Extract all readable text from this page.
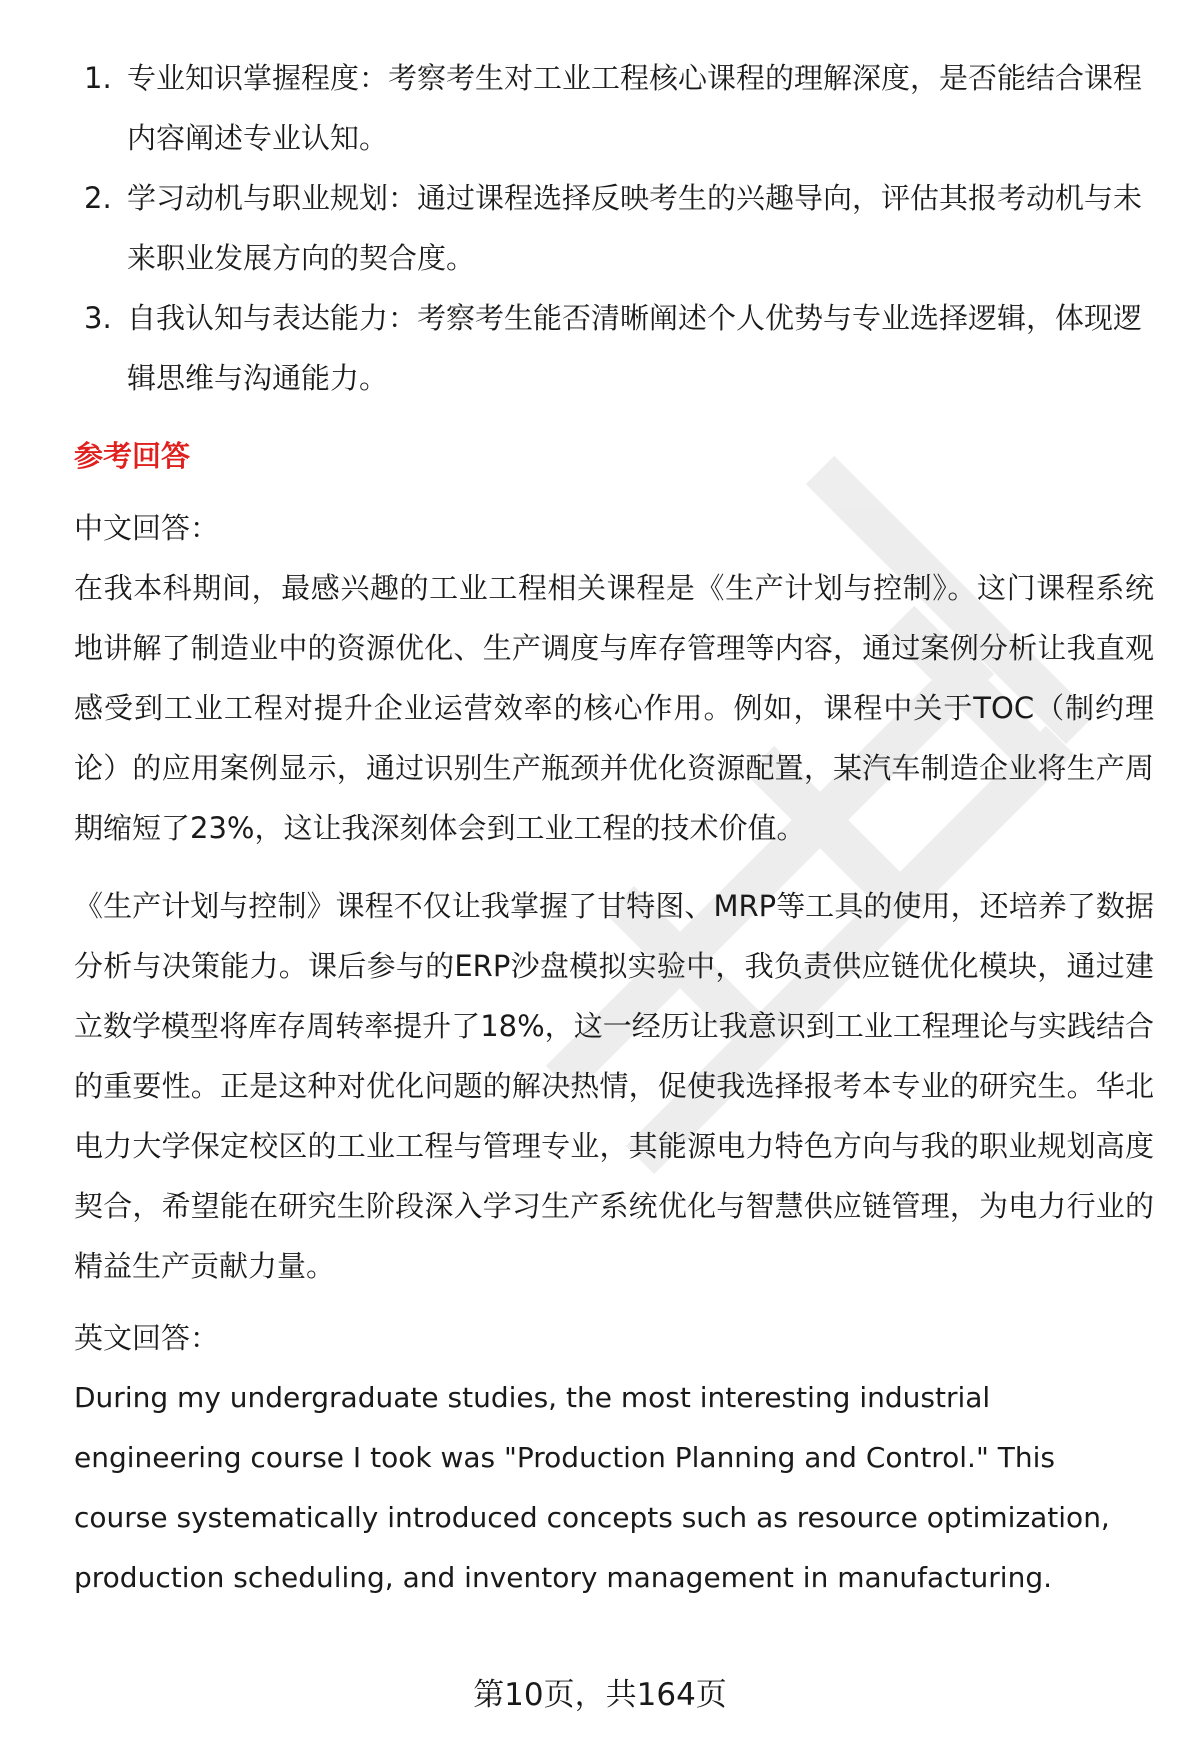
1. 专业知识掌握程度：考察考生对工业工程核心课程的理解深度，是否能结合课程内容阐述专业认知。
2. 学习动机与职业规划：通过课程选择反映考生的兴趣导向，评估其报考动机与未来职业发展方向的契合度。
3. 自我认知与表达能力：考察考生能否清晰阐述个人优势与专业选择逻辑，体现逻辑思维与沟通能力。
参考回答
中文回答：

在我本科期间，最感兴趣的工业工程相关课程是《生产计划与控制》。这门课程系统地讲解了制造业中的资源优化、生产调度与库存管理等内容，通过案例分析让我直观感受到工业工程对提升企业运营效率的核心作用。例如，课程中关于TOC（制约理论）的应用案例显示，通过识别生产瓶颈并优化资源配置，某汽车制造企业将生产周期缩短了23%，这让我深刻体会到工业工程的技术价值。

《生产计划与控制》课程不仅让我掌握了甘特图、MRP等工具的使用，还培养了数据分析与决策能力。课后参与的ERP沙盘模拟实验中，我负责供应链优化模块，通过建立数学模型将库存周转率提升了18%，这一经历让我意识到工业工程理论与实践结合的重要性。正是这种对优化问题的解决热情，促使我选择报考本专业的研究生。华北电力大学保定校区的工业工程与管理专业，其能源电力特色方向与我的职业规划高度契合，希望能在研究生阶段深入学习生产系统优化与智慧供应链管理，为电力行业的精益生产贡献力量。

英文回答：

During my undergraduate studies, the most interesting industrial engineering course I took was "Production Planning and Control." This course systematically introduced concepts such as resource optimization, production scheduling, and inventory management in manufacturing.

第10页，共164页
